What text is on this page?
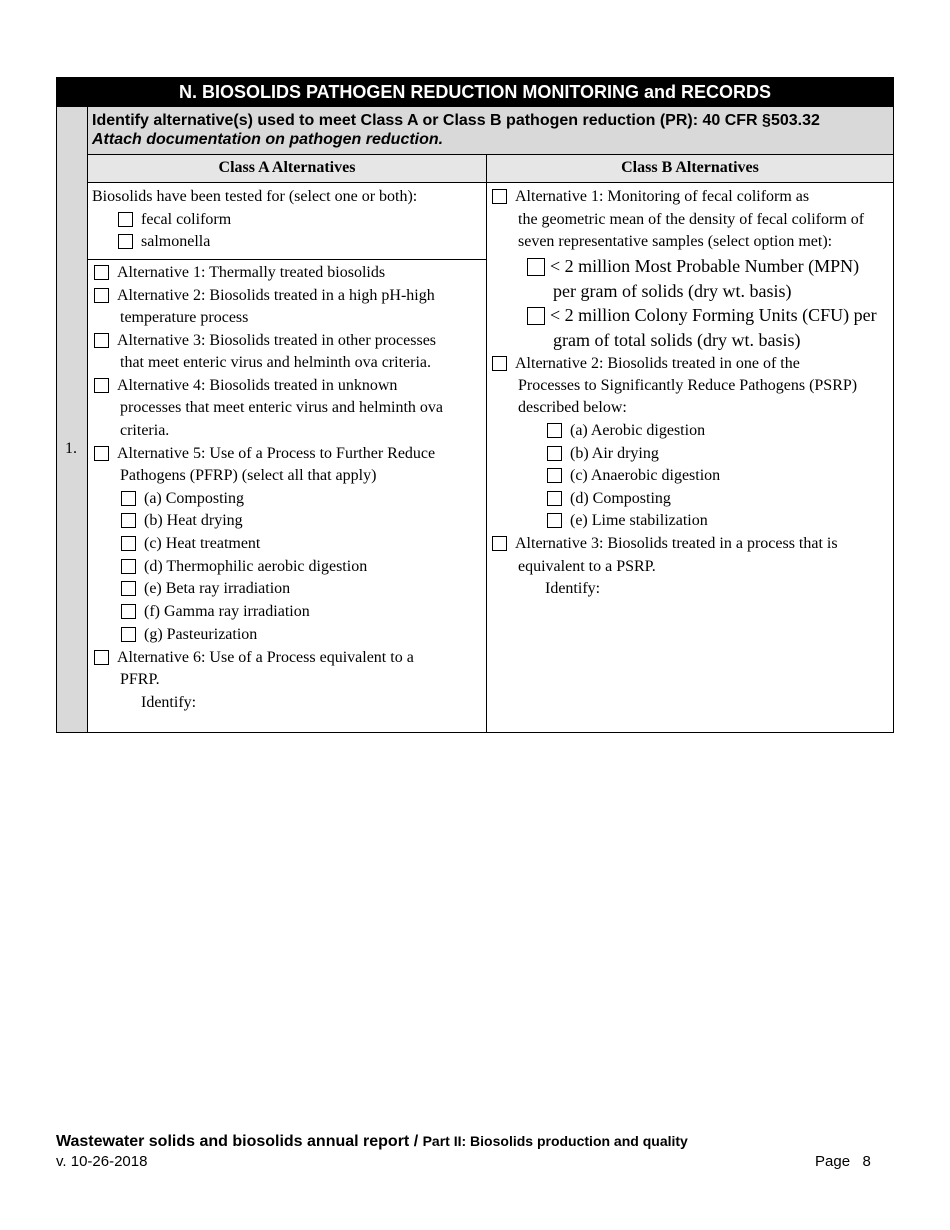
N. BIOSOLIDS PATHOGEN REDUCTION MONITORING and RECORDS
1.
Identify alternative(s) used to meet Class A or Class B pathogen reduction (PR): 40 CFR §503.32
Attach documentation on pathogen reduction.
Class A Alternatives	Class B Alternatives
Biosolids have been tested for (select one or both):
fecal coliform
salmonella
Alternative 1: Thermally treated biosolids
Alternative 2: Biosolids treated in a high pH-high
temperature process
Alternative 3: Biosolids treated in other processes
that meet enteric virus and helminth ova criteria.
Alternative 4: Biosolids treated in unknown
processes that meet enteric virus and helminth ova
criteria.
Alternative 5: Use of a Process to Further Reduce
Pathogens (PFRP) (select all that apply)
(a) Composting
(b) Heat drying
(c) Heat treatment
(d) Thermophilic aerobic digestion
(e) Beta ray irradiation
(f) Gamma ray irradiation
(g) Pasteurization
Alternative 6: Use of a Process equivalent to a
PFRP.
Identify:
Alternative 1: Monitoring of fecal coliform as
the geometric mean of the density of fecal coliform of
seven representative samples (select option met):
< 2 million Most Probable Number (MPN)
per gram of solids (dry wt. basis)
< 2 million Colony Forming Units (CFU) per
gram of total solids (dry wt. basis)
Alternative 2: Biosolids treated in one of the
Processes to Significantly Reduce Pathogens (PSRP)
described below:
(a) Aerobic digestion
(b) Air drying
(c) Anaerobic digestion
(d) Composting
(e) Lime stabilization
Alternative 3: Biosolids treated in a process that is
equivalent to a PSRP.
Identify:
Wastewater solids and biosolids annual report / Part II: Biosolids production and quality
v. 10-26-2018	Page   8
